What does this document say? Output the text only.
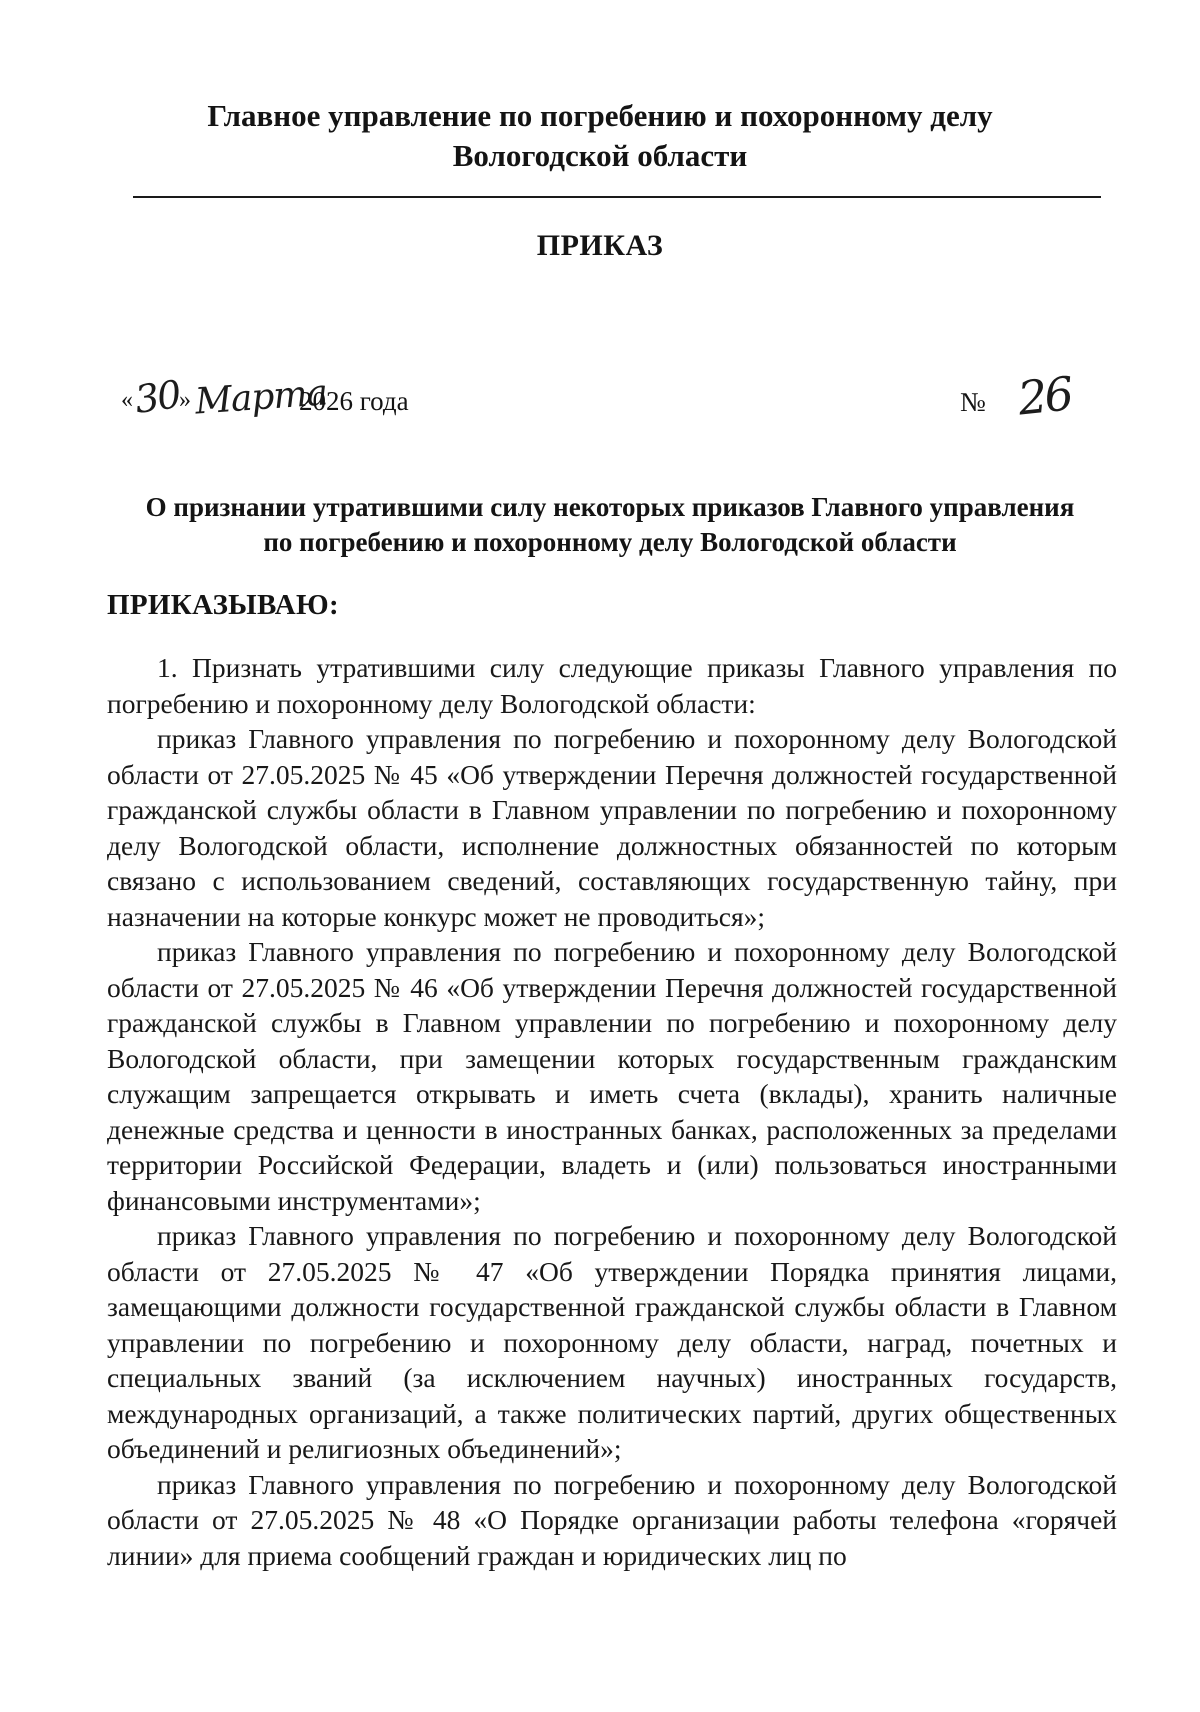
Главное управление по погребению и похоронному делу
Вологодской области
ПРИКАЗ
« 30
» Марта
2026 года	№ 26
О признании утратившими силу некоторых приказов Главного управления
по погребению и похоронному делу Вологодской области
ПРИКАЗЫВАЮ:

1. Признать утратившими силу следующие приказы Главного управления по погребению и похоронному делу Вологодской области:

приказ Главного управления по погребению и похоронному делу Вологодской области от 27.05.2025 № 45 «Об утверждении Перечня должностей государственной гражданской службы области в Главном управлении по погребению и похоронному делу Вологодской области, исполнение должностных обязанностей по которым связано с использованием сведений, составляющих государственную тайну, при назначении на которые конкурс может не проводиться»;

приказ Главного управления по погребению и похоронному делу Вологодской области от 27.05.2025 № 46 «Об утверждении Перечня должностей государственной гражданской службы в Главном управлении по погребению и похоронному делу Вологодской области, при замещении которых государственным гражданским служащим запрещается открывать и иметь счета (вклады), хранить наличные денежные средства и ценности в иностранных банках, расположенных за пределами территории Российской Федерации, владеть и (или) пользоваться иностранными финансовыми инструментами»;

приказ Главного управления по погребению и похоронному делу Вологодской области от 27.05.2025 № 47 «Об утверждении Порядка принятия лицами, замещающими должности государственной гражданской службы области в Главном управлении по погребению и похоронному делу области, наград, почетных и специальных званий (за исключением научных) иностранных государств, международных организаций, а также политических партий, других общественных объединений и религиозных объединений»;

приказ Главного управления по погребению и похоронному делу Вологодской области от 27.05.2025 № 48 «О Порядке организации работы телефона «горячей линии» для приема сообщений граждан и юридических лиц по
